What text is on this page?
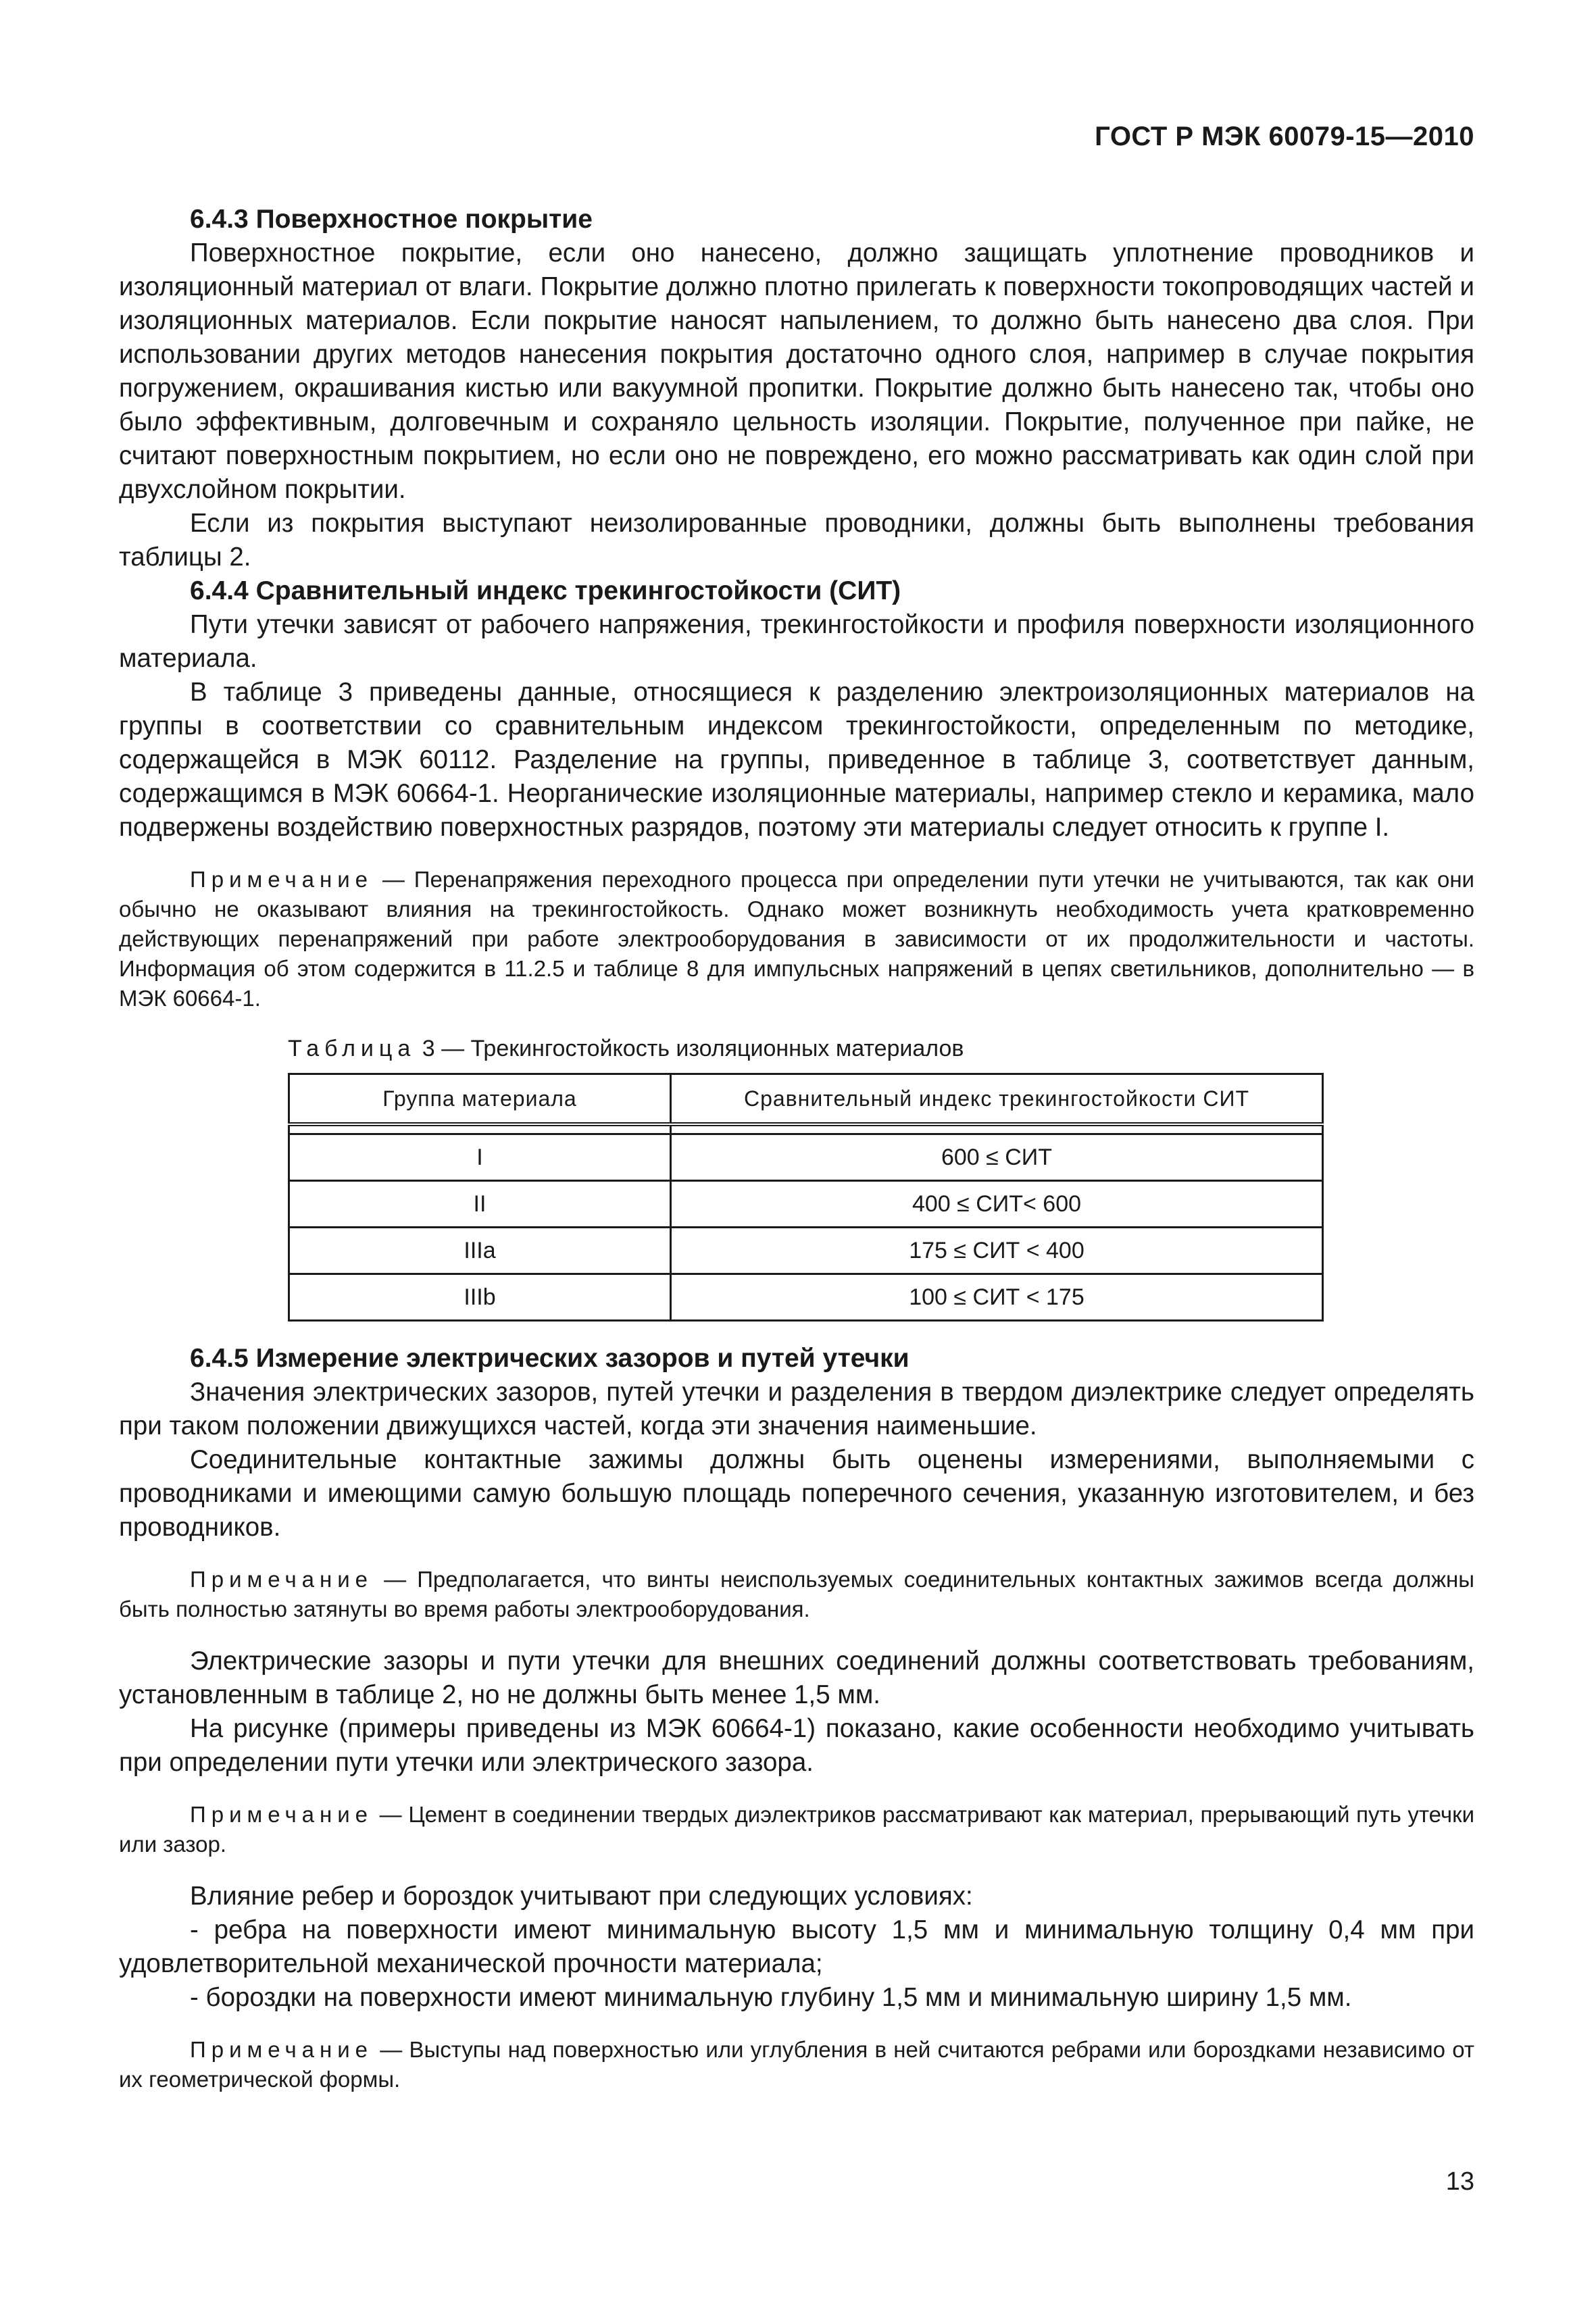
ГОСТ Р МЭК 60079-15—2010

6.4.3 Поверхностное покрытие

Поверхностное покрытие, если оно нанесено, должно защищать уплотнение проводников и изоляционный материал от влаги. Покрытие должно плотно прилегать к поверхности токопроводящих частей и изоляционных материалов. Если покрытие наносят напылением, то должно быть нанесено два слоя. При использовании других методов нанесения покрытия достаточно одного слоя, например в случае покрытия погружением, окрашивания кистью или вакуумной пропитки. Покрытие должно быть нанесено так, чтобы оно было эффективным, долговечным и сохраняло цельность изоляции. Покрытие, полученное при пайке, не считают поверхностным покрытием, но если оно не повреждено, его можно рассматривать как один слой при двухслойном покрытии.

Если из покрытия выступают неизолированные проводники, должны быть выполнены требования таблицы 2.

6.4.4 Сравнительный индекс трекингостойкости (СИТ)

Пути утечки зависят от рабочего напряжения, трекингостойкости и профиля поверхности изоляционного материала.

В таблице 3 приведены данные, относящиеся к разделению электроизоляционных материалов на группы в соответствии со сравнительным индексом трекингостойкости, определенным по методике, содержащейся в МЭК 60112. Разделение на группы, приведенное в таблице 3, соответствует данным, содержащимся в МЭК 60664-1. Неорганические изоляционные материалы, например стекло и керамика, мало подвержены воздействию поверхностных разрядов, поэтому эти материалы следует относить к группе I.

Примечание — Перенапряжения переходного процесса при определении пути утечки не учитываются, так как они обычно не оказывают влияния на трекингостойкость. Однако может возникнуть необходимость учета кратковременно действующих перенапряжений при работе электрооборудования в зависимости от их продолжительности и частоты. Информация об этом содержится в 11.2.5 и таблице 8 для импульсных напряжений в цепях светильников, дополнительно — в МЭК 60664-1.

Таблица 3 — Трекингостойкость изоляционных материалов

Группа материала	Сравнительный индекс трекингостойкости СИТ

I	600 ≤ СИТ
II	400 ≤ СИТ< 600
IIIa	175 ≤ СИТ < 400
IIIb	100 ≤ СИТ < 175

6.4.5 Измерение электрических зазоров и путей утечки

Значения электрических зазоров, путей утечки и разделения в твердом диэлектрике следует определять при таком положении движущихся частей, когда эти значения наименьшие.

Соединительные контактные зажимы должны быть оценены измерениями, выполняемыми с проводниками и имеющими самую большую площадь поперечного сечения, указанную изготовителем, и без проводников.

Примечание — Предполагается, что винты неиспользуемых соединительных контактных зажимов всегда должны быть полностью затянуты во время работы электрооборудования.

Электрические зазоры и пути утечки для внешних соединений должны соответствовать требованиям, установленным в таблице 2, но не должны быть менее 1,5 мм.

На рисунке (примеры приведены из МЭК 60664-1) показано, какие особенности необходимо учитывать при определении пути утечки или электрического зазора.

Примечание — Цемент в соединении твердых диэлектриков рассматривают как материал, прерывающий путь утечки или зазор.

Влияние ребер и бороздок учитывают при следующих условиях:

- ребра на поверхности имеют минимальную высоту 1,5 мм и минимальную толщину 0,4 мм при удовлетворительной механической прочности материала;

- бороздки на поверхности имеют минимальную глубину 1,5 мм и минимальную ширину 1,5 мм.

Примечание — Выступы над поверхностью или углубления в ней считаются ребрами или бороздками независимо от их геометрической формы.

13
